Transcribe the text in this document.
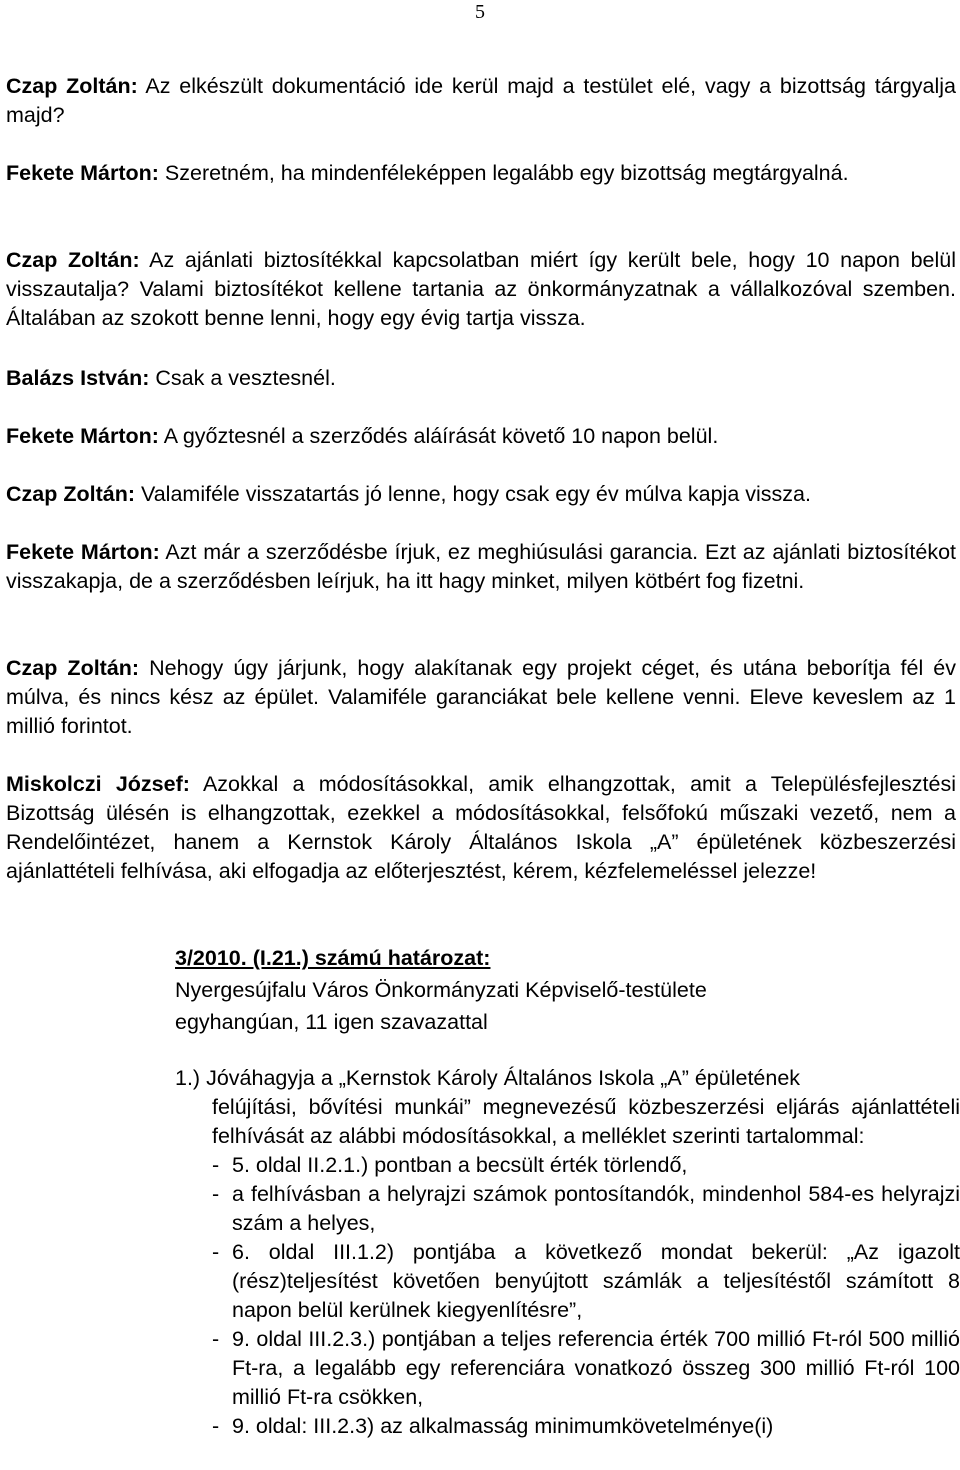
5
Czap Zoltán: Az elkészült dokumentáció ide kerül majd a testület elé, vagy a bizottság tárgyalja majd?
Fekete Márton: Szeretném, ha mindenféleképpen legalább egy bizottság megtárgyalná.
Czap Zoltán: Az ajánlati biztosítékkal kapcsolatban miért így került bele, hogy 10 napon belül visszautalja? Valami biztosítékot kellene tartania az önkormányzatnak a vállalkozóval szemben. Általában az szokott benne lenni, hogy egy évig tartja vissza.
Balázs István: Csak a vesztesnél.
Fekete Márton: A győztesnél a szerződés aláírását követő 10 napon belül.
Czap Zoltán: Valamiféle visszatartás jó lenne, hogy csak egy év múlva kapja vissza.
Fekete Márton: Azt már a szerződésbe írjuk, ez meghiúsulási garancia. Ezt az ajánlati biztosítékot visszakapja, de a szerződésben leírjuk, ha itt hagy minket, milyen kötbért fog fizetni.
Czap Zoltán: Nehogy úgy járjunk, hogy alakítanak egy projekt céget, és utána beborítja fél év múlva, és nincs kész az épület. Valamiféle garanciákat bele kellene venni. Eleve keveslem az 1 millió forintot.
Miskolczi József: Azokkal a módosításokkal, amik elhangzottak, amit a Településfejlesztési Bizottság ülésén is elhangzottak, ezekkel a módosításokkal, felsőfokú műszaki vezető, nem a Rendelőintézet, hanem a Kernstok Károly Általános Iskola „A” épületének közbeszerzési ajánlattételi felhívása, aki elfogadja az előterjesztést, kérem, kézfelemeléssel jelezze!
3/2010. (I.21.) számú határozat:
Nyergesújfalu Város Önkormányzati Képviselő-testülete
egyhangúan, 11 igen szavazattal
1.) Jóváhagyja a „Kernstok Károly Általános Iskola „A” épületének
felújítási, bővítési munkái” megnevezésű közbeszerzési eljárás ajánlattételi felhívását az alábbi módosításokkal, a melléklet szerinti tartalommal:
- 5. oldal II.2.1.) pontban a becsült érték törlendő,
- a felhívásban a helyrajzi számok pontosítandók, mindenhol 584-es helyrajzi szám a helyes,
- 6. oldal III.1.2) pontjába a következő mondat bekerül: „Az igazolt (rész)teljesítést követően benyújtott számlák a teljesítéstől számított 8 napon belül kerülnek kiegyenlítésre”,
- 9. oldal III.2.3.) pontjában a teljes referencia érték 700 millió Ft-ról 500 millió Ft-ra, a legalább egy referenciára vonatkozó összeg 300 millió Ft-ról 100 millió Ft-ra csökken,
- 9. oldal: III.2.3) az alkalmasság minimumkövetelménye(i)
